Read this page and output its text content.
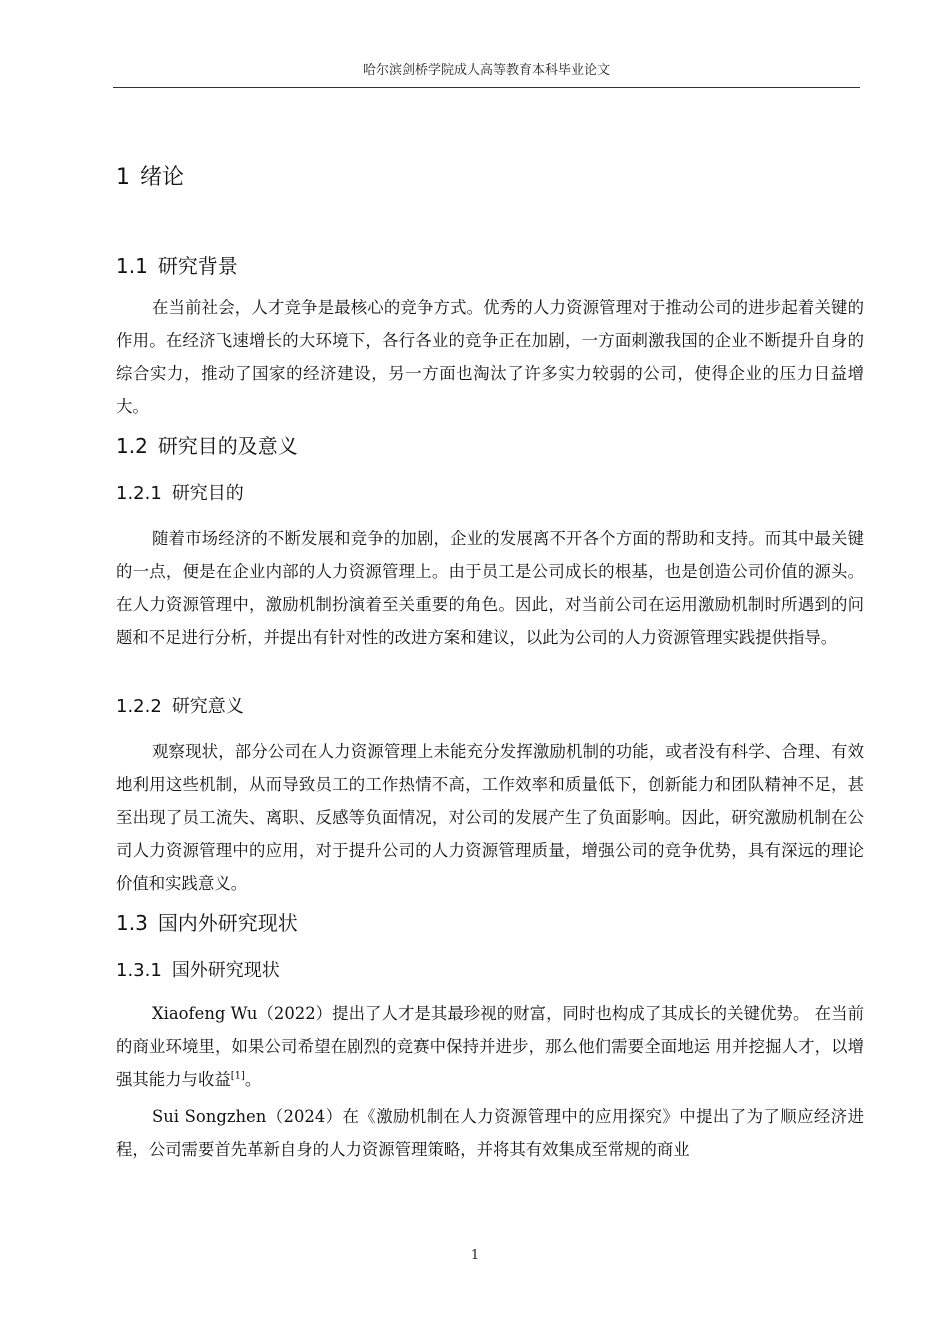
哈尔滨剑桥学院成人高等教育本科毕业论文
1 绪论
1.1 研究背景

在当前社会，人才竞争是最核心的竞争方式。优秀的人力资源管理对于推动公司的进步起着关键的作用。在经济飞速增长的大环境下，各行各业的竞争正在加剧，一方面刺激我国的企业不断提升自身的综合实力，推动了国家的经济建设，另一方面也淘汰了许多实力较弱的公司，使得企业的压力日益增大。

1.2 研究目的及意义
1.2.1 研究目的

随着市场经济的不断发展和竞争的加剧，企业的发展离不开各个方面的帮助和支持。而其中最关键的一点，便是在企业内部的人力资源管理上。由于员工是公司成长的根基，也是创造公司价值的源头。在人力资源管理中，激励机制扮演着至关重要的角色。因此，对当前公司在运用激励机制时所遇到的问题和不足进行分析，并提出有针对性的改进方案和建议，以此为公司的人力资源管理实践提供指导。

1.2.2 研究意义

观察现状，部分公司在人力资源管理上未能充分发挥激励机制的功能，或者没有科学、合理、有效地利用这些机制，从而导致员工的工作热情不高，工作效率和质量低下，创新能力和团队精神不足，甚至出现了员工流失、离职、反感等负面情况，对公司的发展产生了负面影响。因此，研究激励机制在公司人力资源管理中的应用，对于提升公司的人力资源管理质量，增强公司的竞争优势，具有深远的理论价值和实践意义。

1.3 国内外研究现状
1.3.1 国外研究现状

Xiaofeng Wu（2022）提出了人才是其最珍视的财富，同时也构成了其成长的关键优势。 在当前的商业环境里，如果公司希望在剧烈的竞赛中保持并进步，那么他们需要全面地运 用并挖掘人才，以增强其能力与收益[1]。

Sui Songzhen（2024）在《激励机制在人力资源管理中的应用探究》中提出了为了顺应经济进程，公司需要首先革新自身的人力资源管理策略，并将其有效集成至常规的商业

1
